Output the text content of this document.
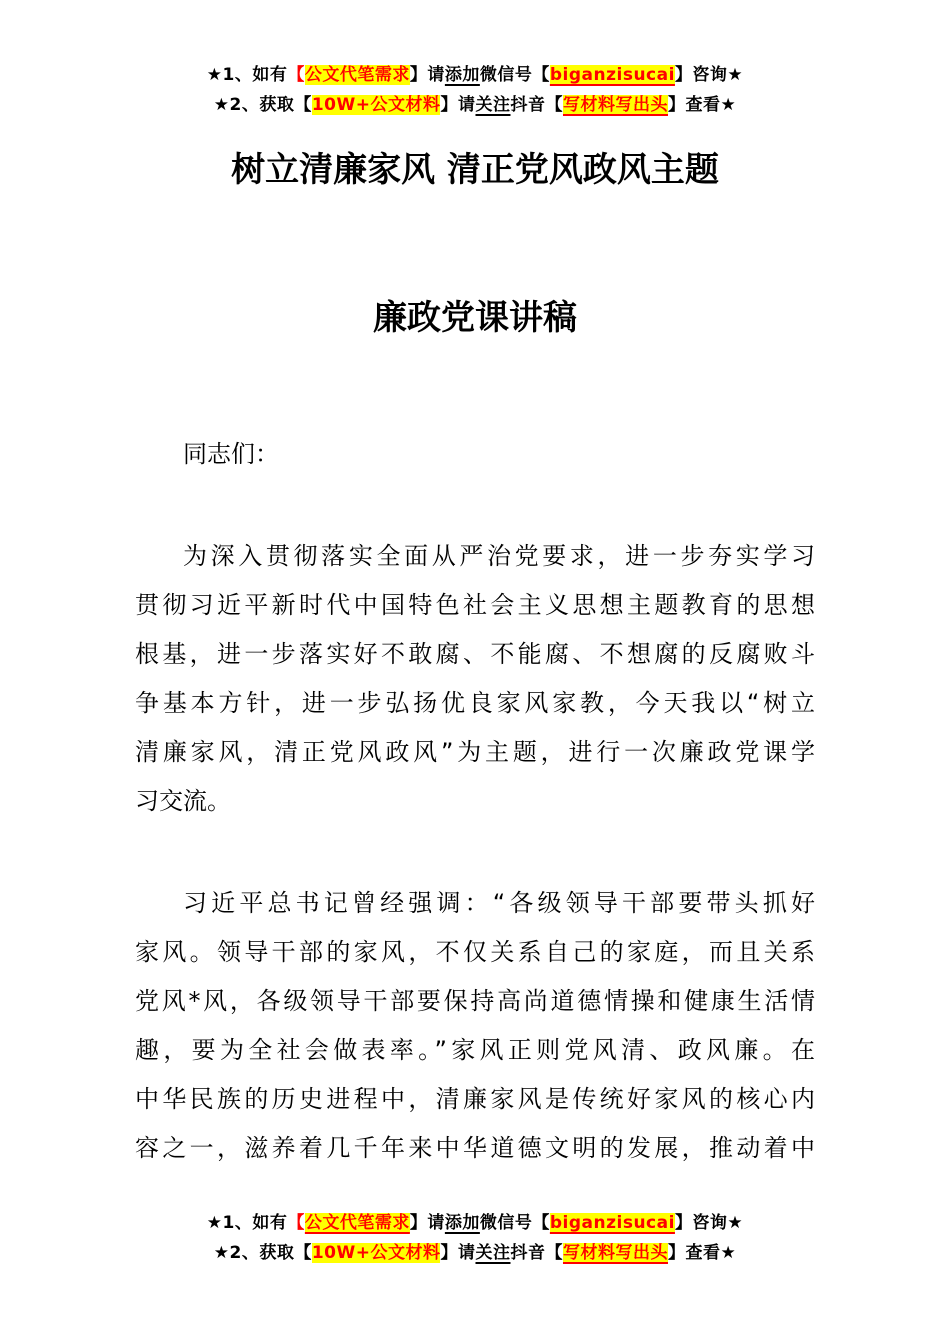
★1、如有【公文代笔需求】请添加微信号【biganzisucai】咨询★
★2、获取【10W+公文材料】请关注抖音【写材料写出头】查看★
树立清廉家风 清正党风政风主题
廉政党课讲稿
同志们：
为深入贯彻落实全面从严治党要求，进一步夯实学习
贯彻习近平新时代中国特色社会主义思想主题教育的思想
根基，进一步落实好不敢腐、不能腐、不想腐的反腐败斗
争基本方针，进一步弘扬优良家风家教，今天我以“树立
清廉家风，清正党风政风”为主题，进行一次廉政党课学
习交流。
习近平总书记曾经强调：“各级领导干部要带头抓好
家风。领导干部的家风，不仅关系自己的家庭，而且关系
党风*风，各级领导干部要保持高尚道德情操和健康生活情
趣，要为全社会做表率。”家风正则党风清、政风廉。在
中华民族的历史进程中，清廉家风是传统好家风的核心内
容之一，滋养着几千年来中华道德文明的发展，推动着中
★1、如有【公文代笔需求】请添加微信号【biganzisucai】咨询★
★2、获取【10W+公文材料】请关注抖音【写材料写出头】查看★
